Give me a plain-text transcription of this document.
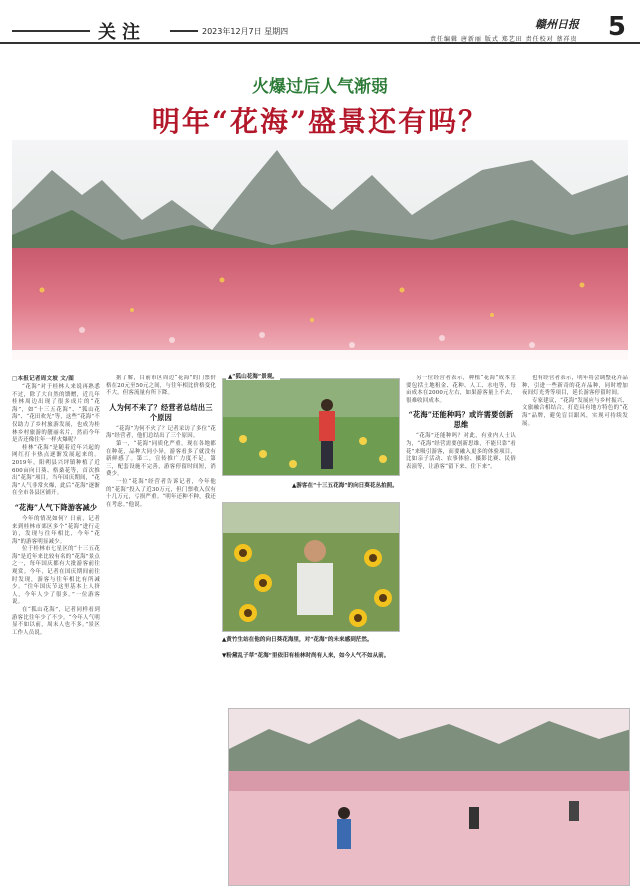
关注	2023年12月7日 星期四
赣州日报
责任编辑 唐新丽 版式 郑艺田 责任校对 蔡祥贵 5
火爆过后人气渐弱
明年“花海”盛景还有吗？

□本报记者周文坡 文/图

“花海”对于桂林人来说再熟悉不过，除了大自然的馈赠，近几年桂林周边出现了很多成片的“花海”，如“十三五花海”、“狐山花海”、“花田欢光”等，这些“花海”不仅助力了乡村旅游发展，也成为桂林乡村旅游的靓丽名片，然而今年是否还像往年一样火爆呢？

桂林“花海”是随着近年兴起的网红打卡热点逐渐发展起来的。2019年，阳朔县兴坪镇种植了近600亩向日葵、格桑花等，首次推出“花海”项目。当年国庆期间，“花海”人气非常火爆，此后“花海”逐渐在全市各县区铺开。

“花海”人气下降游客减少

今年的情况如何？日前，记者来到桂林市郊区多个“花海”进行走访，发现与往年相比，今年“花海”的游客明显减少。

位于桂林市七星区的“十三五花海”是近年来比较有名的“花海”景点之一，每年国庆都有大批游客前往观赏。今年，记者在国庆期间前往时发现，游客与往年相比有所减少。“往年国庆节这里基本上人挤人，今年人少了很多。”一位游客说。

在“狐山花海”，记者同样看到游客比往年少了不少。“今年人气明显不如以前，周末人也不多。”景区工作人员说。

据了解，目前市区周边“花海”的门票价格在20元至50元之间，与往年相比价格变化不大，但客流量有所下降。

人为何不来了？经营者总结出三个原因

“花海”为何不火了？记者采访了多位“花海”经营者，他们总结出了三个原因。

第一，“花海”同质化严重。现在各地都在种花，品种大同小异，游客看多了就没有新鲜感了。第二，宣传推广力度不足。第三，配套设施不完善，游客停留时间短，消费少。

一位“花海”经营者告诉记者，今年他的“花海”投入了近30万元，但门票收入仅有十几万元，亏损严重。“明年还种不种，我还在考虑。”他说。

▲“狐山花海”景观。
▲游客在“十三五花海”的向日葵花丛拍照。
▲黄竹生站在他的向日葵花海里，对“花海”的未来感到茫然。
▼粉黛乱子草“花海”里依旧有桂林时尚有人来，如今人气不如从前。

另一位经营者表示，种植“花海”成本主要包括土地租金、花种、人工、水电等，每亩成本在2000元左右，如果游客量上不去，很难收回成本。

“花海”还能种吗？或许需要创新思维

“花海”还能种吗？对此，有业内人士认为，“花海”经营需要创新思维，不能只靠“看花”来吸引游客，而要融入更多的体验项目，比如亲子活动、农事体验、摄影比赛、民俗表演等，让游客“留下来、住下来”。

也有经营者表示，明年将会调整花卉品种，引进一些新奇的花卉品种，同时增加夜间灯光秀等项目，延长游客停留时间。

专家建议，“花海”发展应与乡村振兴、文旅融合相结合，打造具有地方特色的“花海”品牌，避免盲目跟风，实现可持续发展。
